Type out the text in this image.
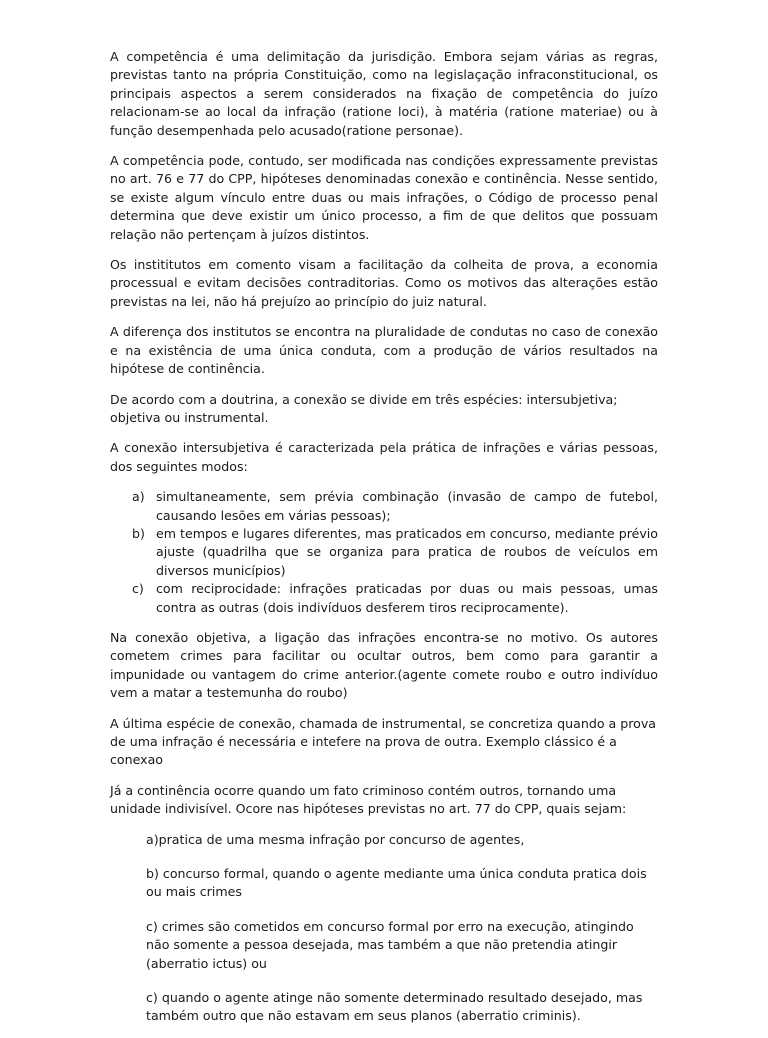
A competência é uma delimitação da jurisdição. Embora sejam várias as regras, previstas tanto na própria Constituição, como na legislaçação infraconstitucional, os principais aspectos a serem considerados na fixação de competência do juízo relacionam-se ao local da infração (ratione loci), à matéria (ratione materiae) ou à função desempenhada pelo acusado(ratione personae).

A competência pode, contudo, ser modificada nas condições expressamente previstas no art. 76 e 77 do CPP, hipóteses denominadas conexão e continência. Nesse sentido, se existe algum vínculo entre duas ou mais infrações, o Código de processo penal determina que deve existir um único processo, a fim de que delitos que possuam relação não pertençam à juízos distintos.

Os instititutos em comento visam a facilitação da colheita de prova, a economia processual e evitam decisões contraditorias. Como os motivos das alterações estão previstas na lei, não há prejuízo ao princípio do juiz natural.

A diferença dos institutos se encontra na pluralidade de condutas no caso de conexão e na existência de uma única conduta, com a produção de vários resultados na hipótese de continência.

De acordo com a doutrina, a conexão se divide em três espécies: intersubjetiva; objetiva ou instrumental.

A conexão intersubjetiva é caracterizada pela prática de infrações e várias pessoas, dos seguintes modos:

a) simultaneamente, sem prévia combinação (invasão de campo de futebol, causando lesões em várias pessoas);
b) em tempos e lugares diferentes, mas praticados em concurso, mediante prévio ajuste (quadrilha que se organiza para pratica de roubos de veículos em diversos municípios)
c) com reciprocidade: infrações praticadas por duas ou mais pessoas, umas contra as outras (dois indivíduos desferem tiros reciprocamente).

Na conexão objetiva, a ligação das infrações encontra-se no motivo. Os autores cometem crimes para facilitar ou ocultar outros, bem como para garantir a impunidade ou vantagem do crime anterior.(agente comete roubo e outro indivíduo vem a matar a testemunha do roubo)

A última espécie de conexão, chamada de instrumental, se concretiza quando a prova de uma infração é necessária e intefere na prova de outra. Exemplo clássico é a conexao

Já a continência ocorre quando um fato criminoso contém outros, tornando uma unidade indivisível. Ocore nas hipóteses previstas no art. 77 do CPP, quais sejam:

a)pratica de uma mesma infração por concurso de agentes,

b) concurso formal, quando o agente mediante uma única conduta pratica dois ou mais crimes

c) crimes são cometidos em concurso formal por erro na execução, atingindo não somente a pessoa desejada, mas também a que não pretendia atingir (aberratio ictus) ou

c) quando o agente atinge não somente determinado resultado desejado, mas também outro que não estavam em seus planos (aberratio criminis).
